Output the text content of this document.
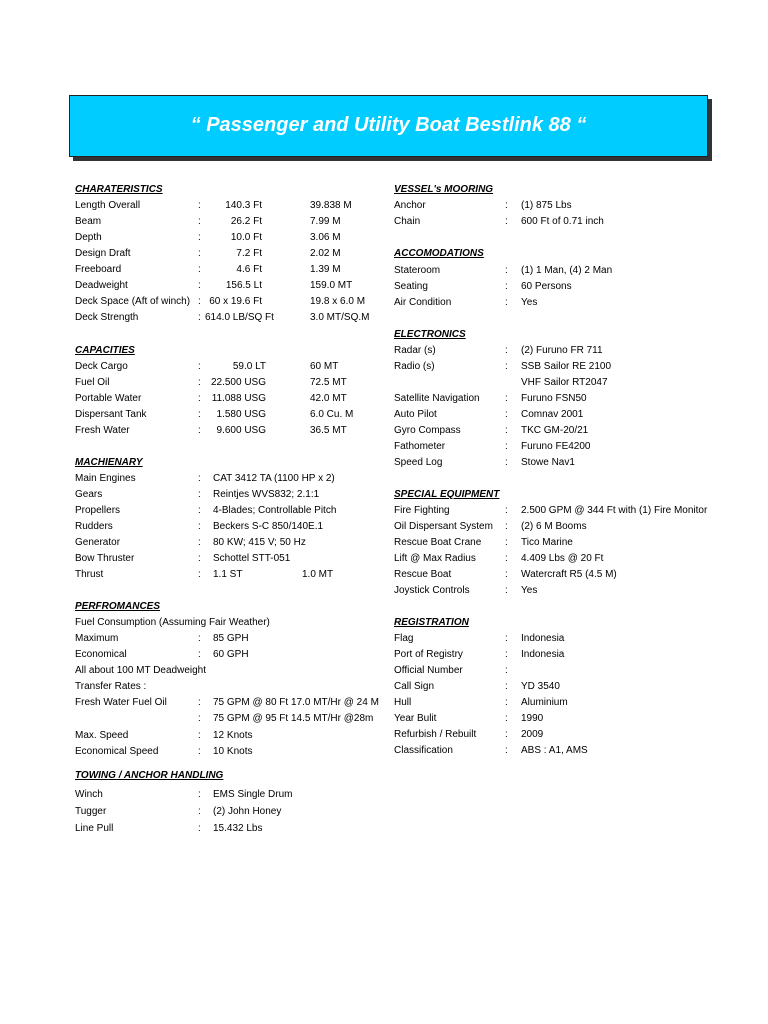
“ Passenger and Utility Boat Bestlink 88 “
CHARATERISTICS
Length Overall	:	140.3 Ft	39.838 M
Beam	:	26.2 Ft	7.99 M
Depth	:	10.0 Ft	3.06 M
Design Draft	:	7.2 Ft	2.02 M
Freeboard	:	4.6 Ft	1.39 M
Deadweight	:	156.5 Lt	159.0 MT
Deck Space (Aft of winch) : 60 x 19.6 Ft	19.8 x 6.0 M
Deck Strength	: 614.0 LB/SQ Ft	3.0 MT/SQ.M
CAPACITIES
Deck Cargo	:	59.0 LT	60 MT
Fuel Oil	:	22.500 USG	72.5 MT
Portable Water	:	11.088 USG	42.0 MT
Dispersant Tank	:	1.580 USG	6.0 Cu. M
Fresh Water	:	9.600 USG	36.5 MT
MACHIENARY
Main Engines	: CAT 3412 TA (1100 HP x 2)
Gears	: Reintjes WVS832; 2.1:1
Propellers	: 4-Blades; Controllable Pitch
Rudders	: Beckers S-C 850/140E.1
Generator	: 80 KW; 415 V; 50 Hz
Bow Thruster	: Schottel STT-051
Thrust	: 1.1 ST	1.0 MT
PERFROMANCES
Fuel Consumption (Assuming Fair Weather)
Maximum	: 85 GPH
Economical	: 60 GPH
All about 100 MT Deadweight
Transfer Rates :
Fresh Water Fuel Oil	: 75 GPM @ 80 Ft 17.0 MT/Hr @ 24 M
: 75 GPM @ 95 Ft 14.5 MT/Hr @28m
Max. Speed	: 12 Knots
Economical Speed	: 10 Knots
TOWING / ANCHOR HANDLING
Winch	: EMS Single Drum
Tugger	: (2) John Honey
Line Pull	: 15.432 Lbs
VESSEL's MOORING
Anchor	: (1) 875 Lbs
Chain	: 600 Ft of 0.71 inch
ACCOMODATIONS
Stateroom	: (1) 1 Man, (4) 2 Man
Seating	: 60 Persons
Air Condition	: Yes
ELECTRONICS
Radar (s)	: (2) Furuno FR 711
Radio (s)	: SSB Sailor RE 2100
VHF Sailor RT2047
Satellite Navigation	: Furuno FSN50
Auto Pilot	: Comnav 2001
Gyro Compass	: TKC GM-20/21
Fathometer	: Furuno FE4200
Speed Log	: Stowe Nav1
SPECIAL EQUIPMENT
Fire Fighting	: 2.500 GPM @ 344 Ft with (1) Fire Monitor
Oil Dispersant System : (2) 6 M Booms
Rescue Boat Crane : Tico Marine
Lift @ Max Radius	: 4.409 Lbs @ 20 Ft
Rescue Boat	: Watercraft R5 (4.5 M)
Joystick Controls	: Yes
REGISTRATION
Flag	: Indonesia
Port of Registry	: Indonesia
Official Number	:
Call Sign	: YD 3540
Hull	: Aluminium
Year Bulit	: 1990
Refurbish / Rebuilt	: 2009
Classification	: ABS : A1, AMS
